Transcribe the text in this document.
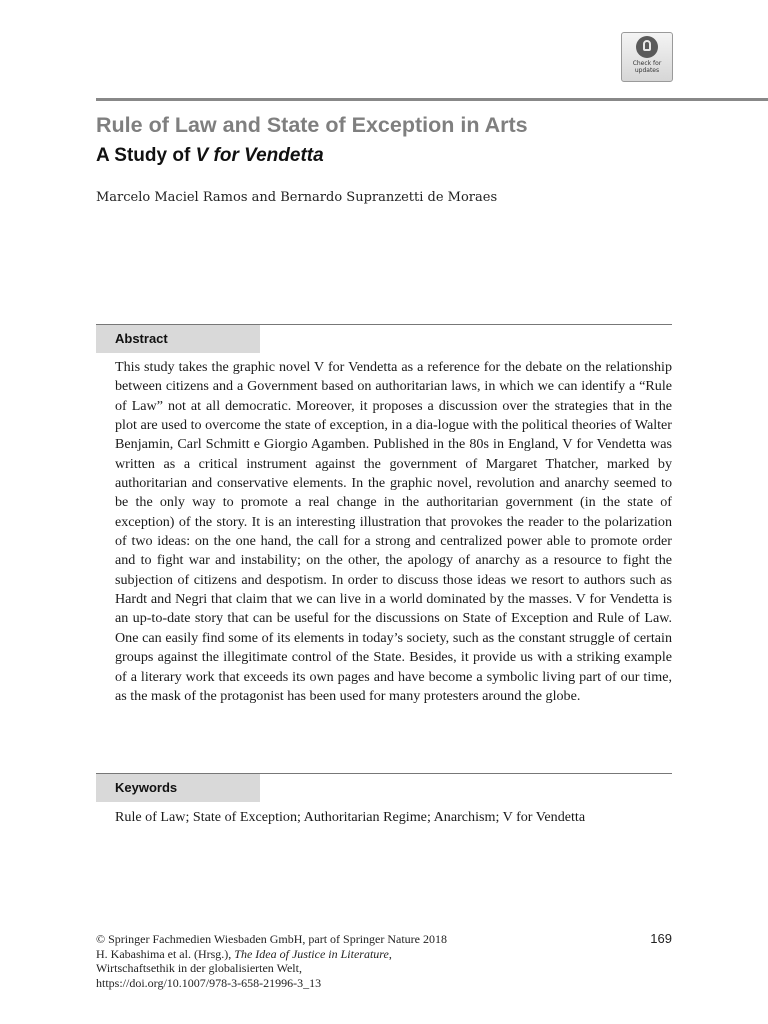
Check for
updates
Rule of Law and State of Exception in Arts
A Study of V for Vendetta
Marcelo Maciel Ramos and Bernardo Supranzetti de Moraes
Abstract

This study takes the graphic novel V for Vendetta as a reference for the debate on the relationship between citizens and a Government based on authoritarian laws, in which we can identify a “Rule of Law” not at all democratic. Moreover, it proposes a discussion over the strategies that in the plot are used to overcome the state of exception, in a dia-logue with the political theories of Walter Benjamin, Carl Schmitt e Giorgio Agamben. Published in the 80s in England, V for Vendetta was written as a critical instrument against the government of Margaret Thatcher, marked by authoritarian and conservative elements. In the graphic novel, revolution and anarchy seemed to be the only way to promote a real change in the authoritarian government (in the state of exception) of the story. It is an interesting illustration that provokes the reader to the polarization of two ideas: on the one hand, the call for a strong and centralized power able to promote order and to fight war and instability; on the other, the apology of anarchy as a resource to fight the subjection of citizens and despotism. In order to discuss those ideas we resort to authors such as Hardt and Negri that claim that we can live in a world dominated by the masses. V for Vendetta is an up-to-date story that can be useful for the discussions on State of Exception and Rule of Law. One can easily find some of its elements in today’s society, such as the constant struggle of certain groups against the illegitimate control of the State. Besides, it provide us with a striking example of a literary work that exceeds its own pages and have become a symbolic living part of our time, as the mask of the protagonist has been used for many protesters around the globe.

Keywords

Rule of Law; State of Exception; Authoritarian Regime; Anarchism; V for Vendetta

© Springer Fachmedien Wiesbaden GmbH, part of Springer Nature 2018
H. Kabashima et al. (Hrsg.), The Idea of Justice in Literature,
Wirtschaftsethik in der globalisierten Welt,
https://doi.org/10.1007/978-3-658-21996-3_13
169
